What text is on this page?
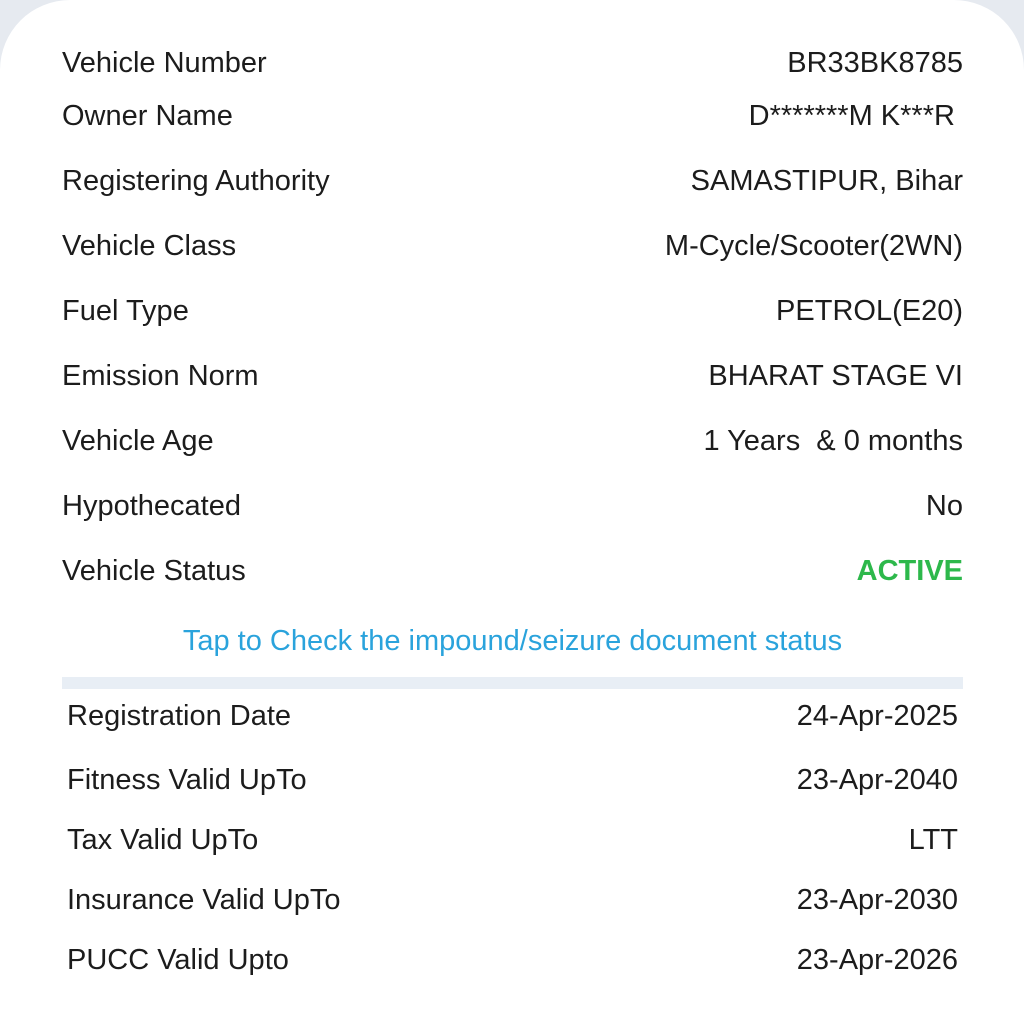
Vehicle Number	BR33BK8785
Owner Name	D*******M K***R
Registering Authority	SAMASTIPUR, Bihar
Vehicle Class	M-Cycle/Scooter(2WN)
Fuel Type	PETROL(E20)
Emission Norm	BHARAT STAGE VI
Vehicle Age	1 Years  & 0 months
Hypothecated	No
Vehicle Status	ACTIVE
Tap to Check the impound/seizure document status
Registration Date	24-Apr-2025
Fitness Valid UpTo	23-Apr-2040
Tax Valid UpTo	LTT
Insurance Valid UpTo	23-Apr-2030
PUCC Valid Upto	23-Apr-2026
